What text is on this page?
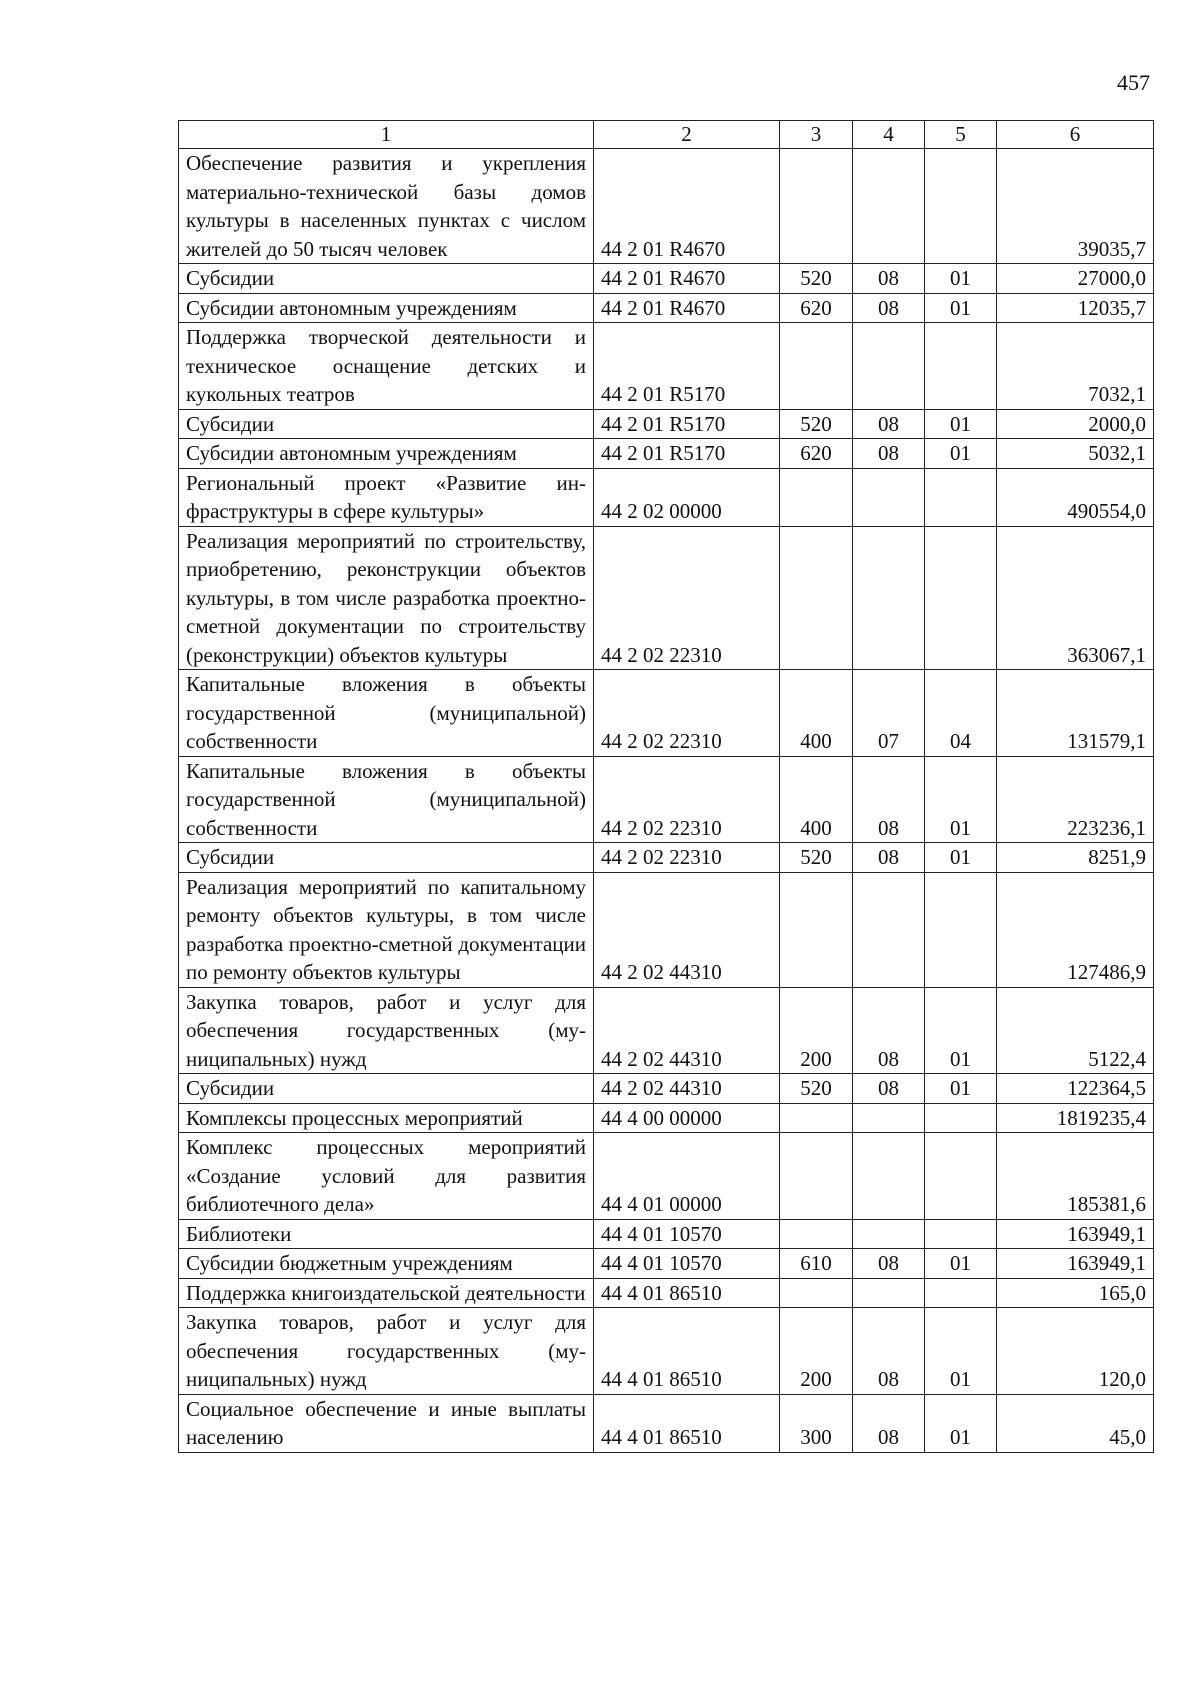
457
1	2	3	4	5	6
Обеспечение развития и укрепления материально-технической базы домов культуры в населенных пунктах с числом жителей до 50 тысяч человек	44 2 01 R4670				39035,7
Субсидии	44 2 01 R4670	520	08	01	27000,0
Субсидии автономным учреждениям	44 2 01 R4670	620	08	01	12035,7
Поддержка творческой деятельности и техническое оснащение детских и кукольных театров	44 2 01 R5170				7032,1
Субсидии	44 2 01 R5170	520	08	01	2000,0
Субсидии автономным учреждениям	44 2 01 R5170	620	08	01	5032,1
Региональный проект «Развитие инфраструктуры в сфере культуры»	44 2 02 00000				490554,0
Реализация мероприятий по строительству, приобретению, реконструкции объектов культуры, в том числе разработка проектно-сметной документации по строительству (реконструкции) объектов культуры	44 2 02 22310				363067,1
Капитальные вложения в объекты государственной (муниципальной) собственности	44 2 02 22310	400	07	04	131579,1
Капитальные вложения в объекты государственной (муниципальной) собственности	44 2 02 22310	400	08	01	223236,1
Субсидии	44 2 02 22310	520	08	01	8251,9
Реализация мероприятий по капитальному ремонту объектов культуры, в том числе разработка проектно-сметной документации по ремонту объектов культуры	44 2 02 44310				127486,9
Закупка товаров, работ и услуг для обеспечения государственных (муниципальных) нужд	44 2 02 44310	200	08	01	5122,4
Субсидии	44 2 02 44310	520	08	01	122364,5
Комплексы процессных мероприятий	44 4 00 00000				1819235,4
Комплекс процессных мероприятий «Создание условий для развития библиотечного дела»	44 4 01 00000				185381,6
Библиотеки	44 4 01 10570				163949,1
Субсидии бюджетным учреждениям	44 4 01 10570	610	08	01	163949,1
Поддержка книгоиздательской деятельности	44 4 01 86510				165,0
Закупка товаров, работ и услуг для обеспечения государственных (муниципальных) нужд	44 4 01 86510	200	08	01	120,0
Социальное обеспечение и иные выплаты населению	44 4 01 86510	300	08	01	45,0
